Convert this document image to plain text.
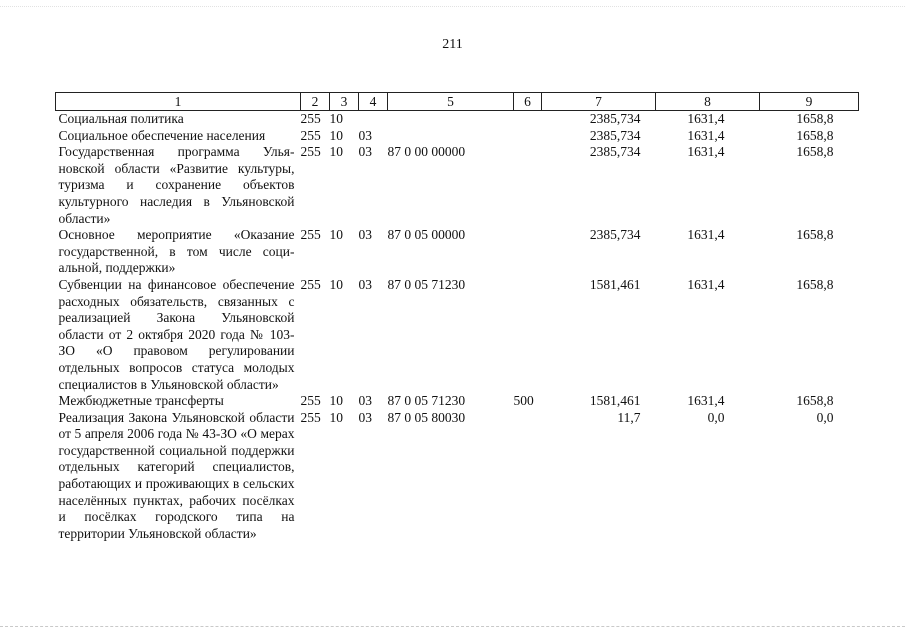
211
1	2	3	4	5	6	7	8	9
Социальная политика	255	10				2385,734	1631,4	1658,8
Социальное обеспечение населения	255	10	03			2385,734	1631,4	1658,8
Государственная программа Ульяновской области «Развитие культуры, туризма и сохранение объектов культурного наследия в Ульяновской области»	255	10	03	87 0 00 00000		2385,734	1631,4	1658,8
Основное мероприятие «Оказание государственной, в том числе социальной, поддержки»	255	10	03	87 0 05 00000		2385,734	1631,4	1658,8
Субвенции на финансовое обеспечение расходных обязательств, связанных с реализацией Закона Ульяновской области от 2 октября 2020 года № 103-ЗО «О правовом регулировании отдельных вопросов статуса молодых специалистов в Ульяновской области»	255	10	03	87 0 05 71230		1581,461	1631,4	1658,8
Межбюджетные трансферты	255	10	03	87 0 05 71230	500	1581,461	1631,4	1658,8
Реализация Закона Ульяновской области от 5 апреля 2006 года № 43-ЗО «О мерах государственной социальной поддержки отдельных категорий специалистов, работающих и проживающих в сельских населённых пунктах, рабочих посёлках и посёлках городского типа на территории Ульяновской области»	255	10	03	87 0 05 80030		11,7	0,0	0,0
